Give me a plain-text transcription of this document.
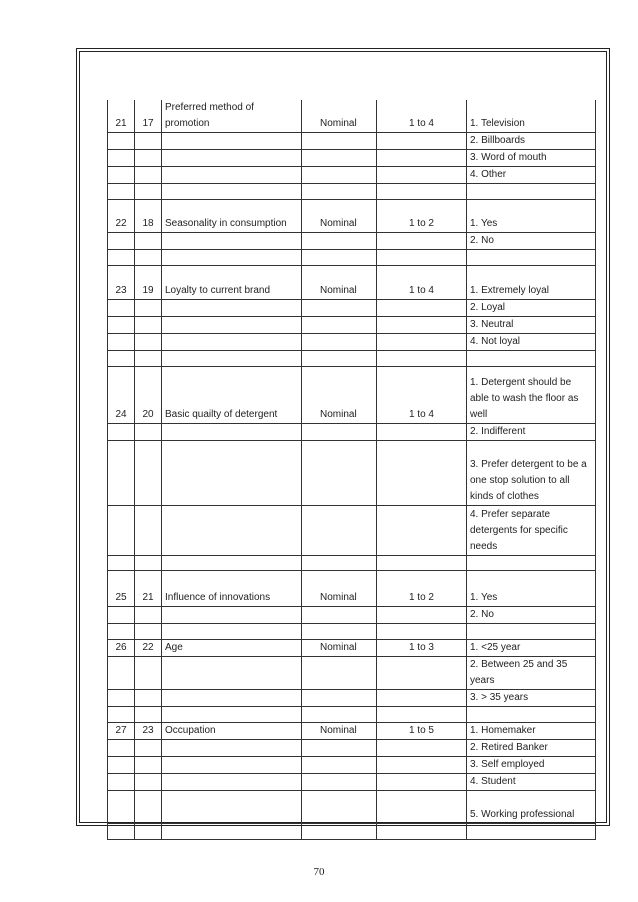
21	17	Preferred method of promotion	Nominal	1 to 4	1. Television
					2. Billboards
					3. Word of mouth
					4. Other

22	18	Seasonality in consumption	Nominal	1 to 2	1. Yes
					2. No

23	19	Loyalty to current brand	Nominal	1 to 4	1. Extremely loyal
					2. Loyal
					3. Neutral
					4. Not loyal

24	20	Basic quailty of detergent	Nominal	1 to 4	1. Detergent should be able to wash the floor as well
					2. Indifferent
					3. Prefer detergent to be a one stop solution to all kinds of clothes
					4. Prefer separate detergents for specific needs

25	21	Influence of innovations	Nominal	1 to 2	1. Yes
					2. No

26	22	Age	Nominal	1 to 3	1. <25 year
					2. Between 25 and 35 years
					3. > 35 years

27	23	Occupation	Nominal	1 to 5	1. Homemaker
					2. Retired Banker
					3. Self employed
					4. Student
					5. Working professional

70
